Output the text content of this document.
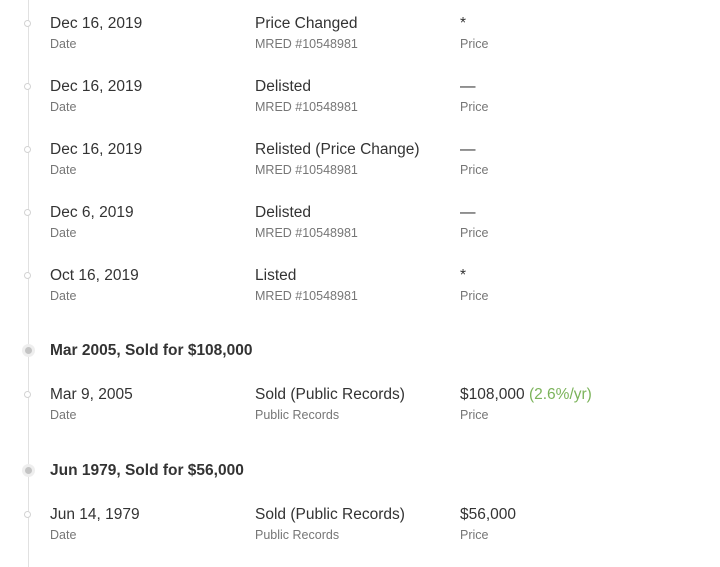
Dec 16, 2019
Date
Price Changed
MRED #10548981
*
Price
Dec 16, 2019
Date
Delisted
MRED #10548981
—
Price
Dec 16, 2019
Date
Relisted (Price Change)
MRED #10548981
—
Price
Dec 6, 2019
Date
Delisted
MRED #10548981
—
Price
Oct 16, 2019
Date
Listed
MRED #10548981
*
Price
Mar 2005, Sold for $108,000
Mar 9, 2005
Date
Sold (Public Records)
Public Records
$108,000 (2.6%/yr)
Price
Jun 1979, Sold for $56,000
Jun 14, 1979
Date
Sold (Public Records)
Public Records
$56,000
Price
